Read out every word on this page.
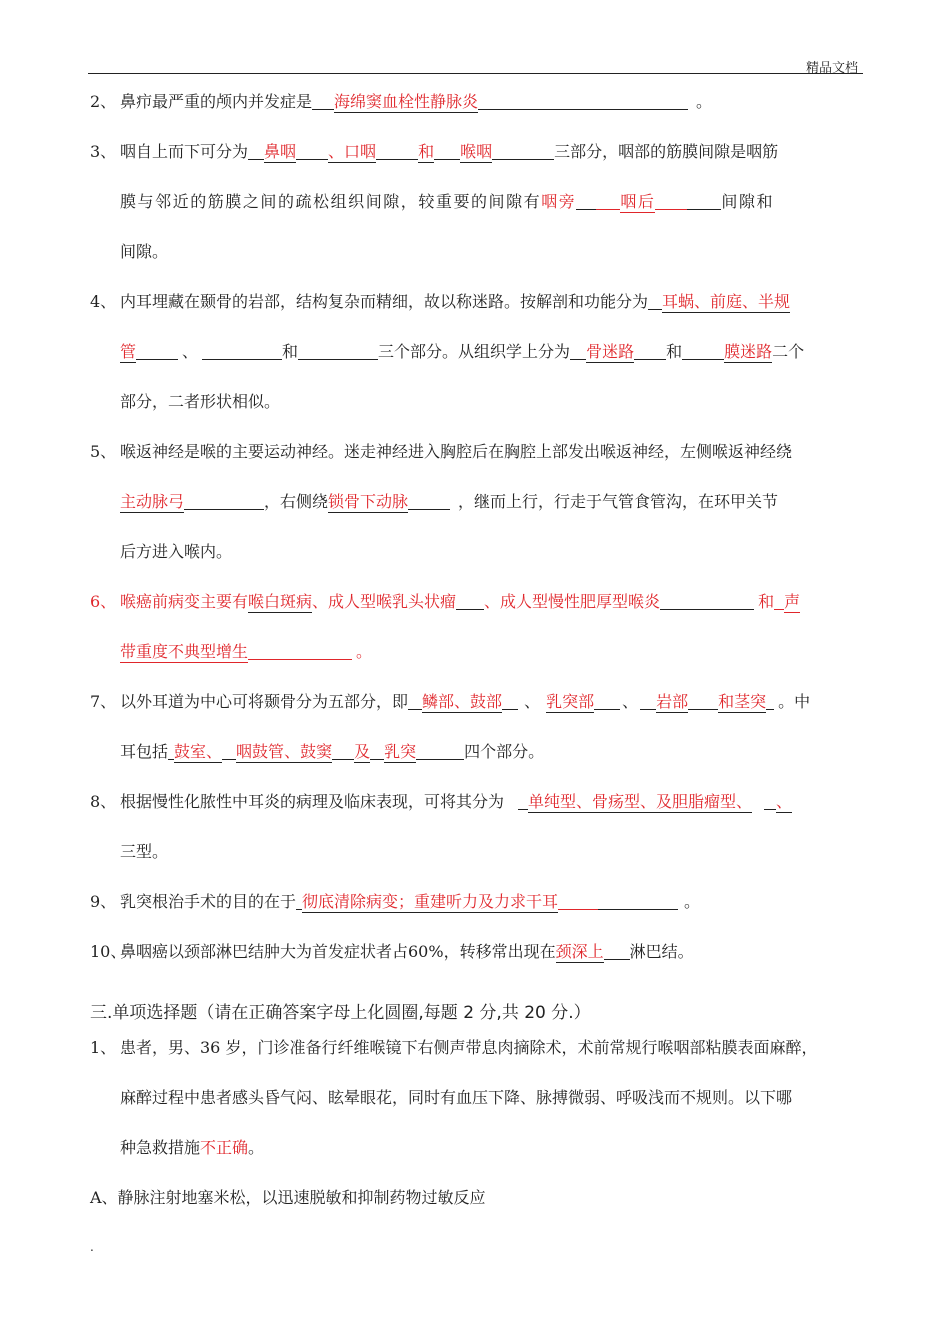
精品文档
2、 鼻疖最严重的颅内并发症是 海绵窦血栓性静脉炎	。
3、 咽自上而下可分为 鼻咽 、口咽	和 喉咽	三部分，咽部的筋膜间隙是咽筋
膜与邻近的筋膜之间的疏松组织间隙，较重要的间隙有咽旁	咽后	间隙和
间隙。
4、 内耳埋藏在颞骨的岩部，结构复杂而精细，故以称迷路。按解剖和功能分为 耳蜗、前庭、半规
管	、	和	三个部分。从组织学上分为 骨迷路 和	膜迷路二个
部分，二者形状相似。
5、 喉返神经是喉的主要运动神经。迷走神经进入胸腔后在胸腔上部发出喉返神经，左侧喉返神经绕
主动脉弓	，右侧绕锁骨下动脉	，继而上行，行走于气管食管沟，在环甲关节
后方进入喉内。
6、 喉癌前病变主要有喉白斑病、成人型喉乳头状瘤 、成人型慢性肥厚型喉炎	和 声
带重度不典型增生	。
7、 以外耳道为中心可将颞骨分为五部分，即 鳞部、鼓部 、 乳突部 、 岩部 和茎突 。中
耳包括 鼓室、 咽鼓管、鼓窦 及 乳突	四个部分。
8、 根据慢性化脓性中耳炎的病理及临床表现，可将其分为 单纯型、骨疡型、及胆脂瘤型、 、
三型。
9、 乳突根治手术的目的在于 彻底清除病变；重建听力及力求干耳	。
10、
鼻咽癌以颈部淋巴结肿大为首发症状者占60%，转移常出现在颈深上 淋巴结。
三.单项选择题（请在正确答案字母上化圆圈,每题 2 分,共 20 分.）
1、 患者，男、36 岁，门诊准备行纤维喉镜下右侧声带息肉摘除术，术前常规行喉咽部粘膜表面麻醉，
麻醉过程中患者感头昏气闷、眩晕眼花，同时有血压下降、脉搏微弱、呼吸浅而不规则。以下哪
种急救措施不正确。
A、静脉注射地塞米松，以迅速脱敏和抑制药物过敏反应
.
